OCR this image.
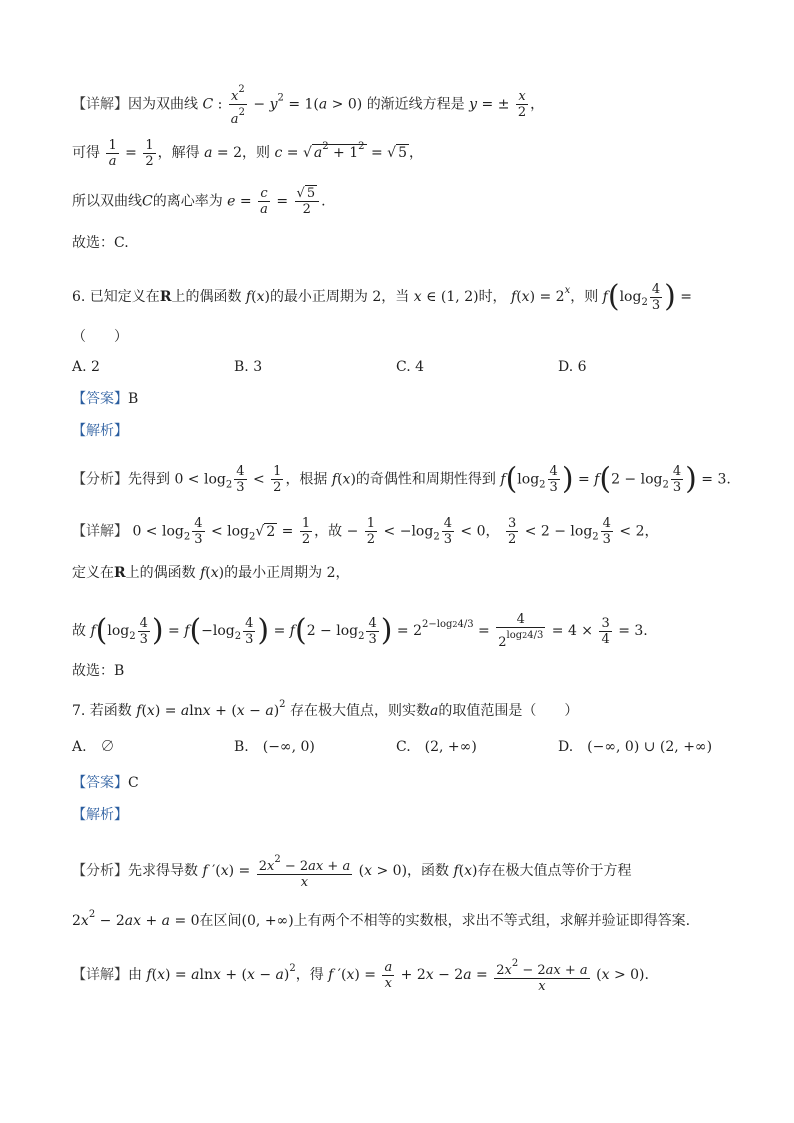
【详解】因为双曲线 C : $\frac{x^2}{a^2} - y^2 = 1(a > 0)$ 的渐近线方程是 y = ± $\frac{x}{2}$ ，
可得 $\frac{1}{a} = \frac{1}{2}$ ，解得 a = 2，则 c = √ $a^2 + 1^2$ = √ 5 ，
所以双曲线C的离心率为 $e = \frac{c}{a} = \frac{√ 5}{2}$ .
故选：C.
6. 已知定义在R上的偶函数 f(x)的最小正周期为 2，当 x ∈ (1, 2)时， $f(x) = 2^x$，则 $f(\log_2 \frac{4}{3}$ ) =
（　　）
A. 2	B. 3	C. 4	D. 6
【答案】B
【解析】
【分析】先得到 $0 < \log_2 \frac{4}{3} < \frac{1}{2}$ ，根据 f(x)的奇偶性和周期性得到 $f(\log_2 \frac{4}{3}$ ) = $f(2 - \log_2 \frac{4}{3}$ ) = 3.
【详解】 $0 < \log_2 \frac{4}{3} < \log_2√$ $2 = \frac{1}{2}$ ，故 − $\frac{1}{2} < -\log_2 \frac{4}{3} < 0$， $\frac{3}{2} < 2 - \log_2 \frac{4}{3} < 2$，
定义在R上的偶函数 f(x)的最小正周期为 2，
故 $f(\log_2 \frac{4}{3}$ ) = $f(-\log_2 \frac{4}{3}$ ) = $f(2 - \log_2 \frac{4}{3}$ ) = $2^{2-log24/3} = \frac{4}{2^{log24/3}} = 4 \times \frac{3}{4} = 3$.
故选：B
7. 若函数 $f(x) = alnx + (x - a)^2$ 存在极大值点，则实数a的取值范围是（　　）
A.　∅	B.　(−∞, 0)	C.　(2, +∞)	D.　(−∞, 0) ∪ (2, +∞)
【答案】C
【解析】
【分析】先求得导数 f $'(x) = \frac{2x^2 - 2ax + a}{x} (x > 0)$，函数 f(x)存在极大值点等价于方程
$2x^2 - 2ax + a = 0$在区间(0, +∞)上有两个不相等的实数根，求出不等式组，求解并验证即得答案.
【详解】由 $f(x) = alnx + (x - a)^2$，得 f $'(x) = \frac{a}{x} + 2x - 2a = \frac{2x^2 - 2ax + a}{x} (x > 0)$.
